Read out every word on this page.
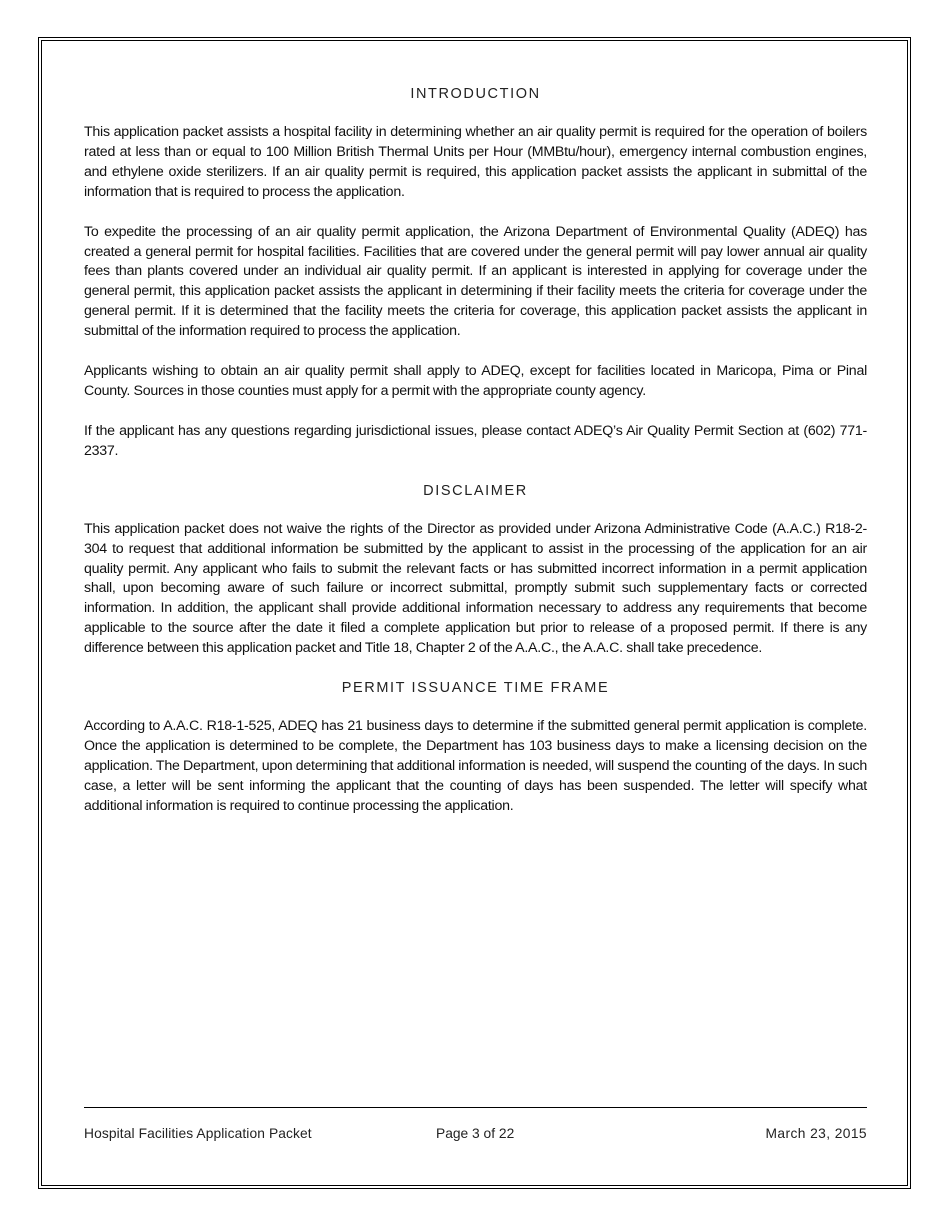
INTRODUCTION

This application packet assists a hospital facility in determining whether an air quality permit is required for the operation of boilers rated at less than or equal to 100 Million British Thermal Units per Hour (MMBtu/hour), emergency internal combustion engines, and ethylene oxide sterilizers. If an air quality permit is required, this application packet assists the applicant in submittal of the information that is required to process the application.

To expedite the processing of an air quality permit application, the Arizona Department of Environmental Quality (ADEQ) has created a general permit for hospital facilities. Facilities that are covered under the general permit will pay lower annual air quality fees than plants covered under an individual air quality permit. If an applicant is interested in applying for coverage under the general permit, this application packet assists the applicant in determining if their facility meets the criteria for coverage under the general permit. If it is determined that the facility meets the criteria for coverage, this application packet assists the applicant in submittal of the information required to process the application.

Applicants wishing to obtain an air quality permit shall apply to ADEQ, except for facilities located in Maricopa, Pima or Pinal County. Sources in those counties must apply for a permit with the appropriate county agency.

If the applicant has any questions regarding jurisdictional issues, please contact ADEQ’s Air Quality Permit Section at (602) 771-2337.

DISCLAIMER

This application packet does not waive the rights of the Director as provided under Arizona Administrative Code (A.A.C.) R18-2-304 to request that additional information be submitted by the applicant to assist in the processing of the application for an air quality permit. Any applicant who fails to submit the relevant facts or has submitted incorrect information in a permit application shall, upon becoming aware of such failure or incorrect submittal, promptly submit such supplementary facts or corrected information. In addition, the applicant shall provide additional information necessary to address any requirements that become applicable to the source after the date it filed a complete application but prior to release of a proposed permit. If there is any difference between this application packet and Title 18, Chapter 2 of the A.A.C., the A.A.C. shall take precedence.

PERMIT ISSUANCE TIME FRAME

According to A.A.C. R18-1-525, ADEQ has 21 business days to determine if the submitted general permit application is complete. Once the application is determined to be complete, the Department has 103 business days to make a licensing decision on the application. The Department, upon determining that additional information is needed, will suspend the counting of the days. In such case, a letter will be sent informing the applicant that the counting of days has been suspended. The letter will specify what additional information is required to continue processing the application.

Hospital Facilities Application Packet	Page 3 of 22	March 23, 2015
